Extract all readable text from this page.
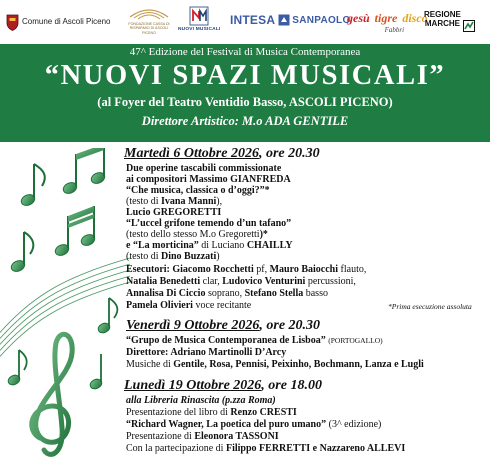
Comune di Ascoli Piceno	FONDAZIONE CASSA DI RISPARMIO DI ASCOLI PICENO
NUOVI MUSICALI
INTESA SANPAOLO
gesù tigre disco
Fabbri
REGIONE
MARCHE
47^ Edizione del Festival di Musica Contemporanea
“NUOVI SPAZI MUSICALI”
(al Foyer del Teatro Ventidio Basso, ASCOLI PICENO)
Direttore Artistico: M.o ADA GENTILE
Martedì 6 Ottobre 2026, ore 20.30
Due operine tascabili commissionate
ai compositori Massimo GIANFREDA
“Che musica, classica o d’oggi?”*
(testo di Ivana Manni),
Lucio GREGORETTI
“L’uccel grifone temendo d’un tafano”
(testo dello stesso M.o Gregoretti)*
e “La morticina” di Luciano CHAILLY
(testo di Dino Buzzati)
Esecutori: Giacomo Rocchetti pf, Mauro Baiocchi flauto,
Natalia Benedetti clar, Ludovico Venturini percussioni,
Annalisa Di Ciccio soprano, Stefano Stella basso
Pamela Olivieri voce recitante	*Prima esecuzione assoluta
Venerdì 9 Ottobre 2026, ore 20.30
“Grupo de Musica Contemporanea de Lisboa” (PORTOGALLO)
Direttore: Adriano Martinolli D’Arcy
Musiche di Gentile, Rosa, Pennisi, Peixinho, Bochmann, Lanza e Lugli
Lunedì 19 Ottobre 2026, ore 18.00
alla Libreria Rinascita (p.zza Roma)
Presentazione del libro di Renzo CRESTI
“Richard Wagner, La poetica del puro umano” (3^ edizione)
Presentazione di Eleonora TASSONI
Con la partecipazione di Filippo FERRETTI e Nazzareno ALLEVI
